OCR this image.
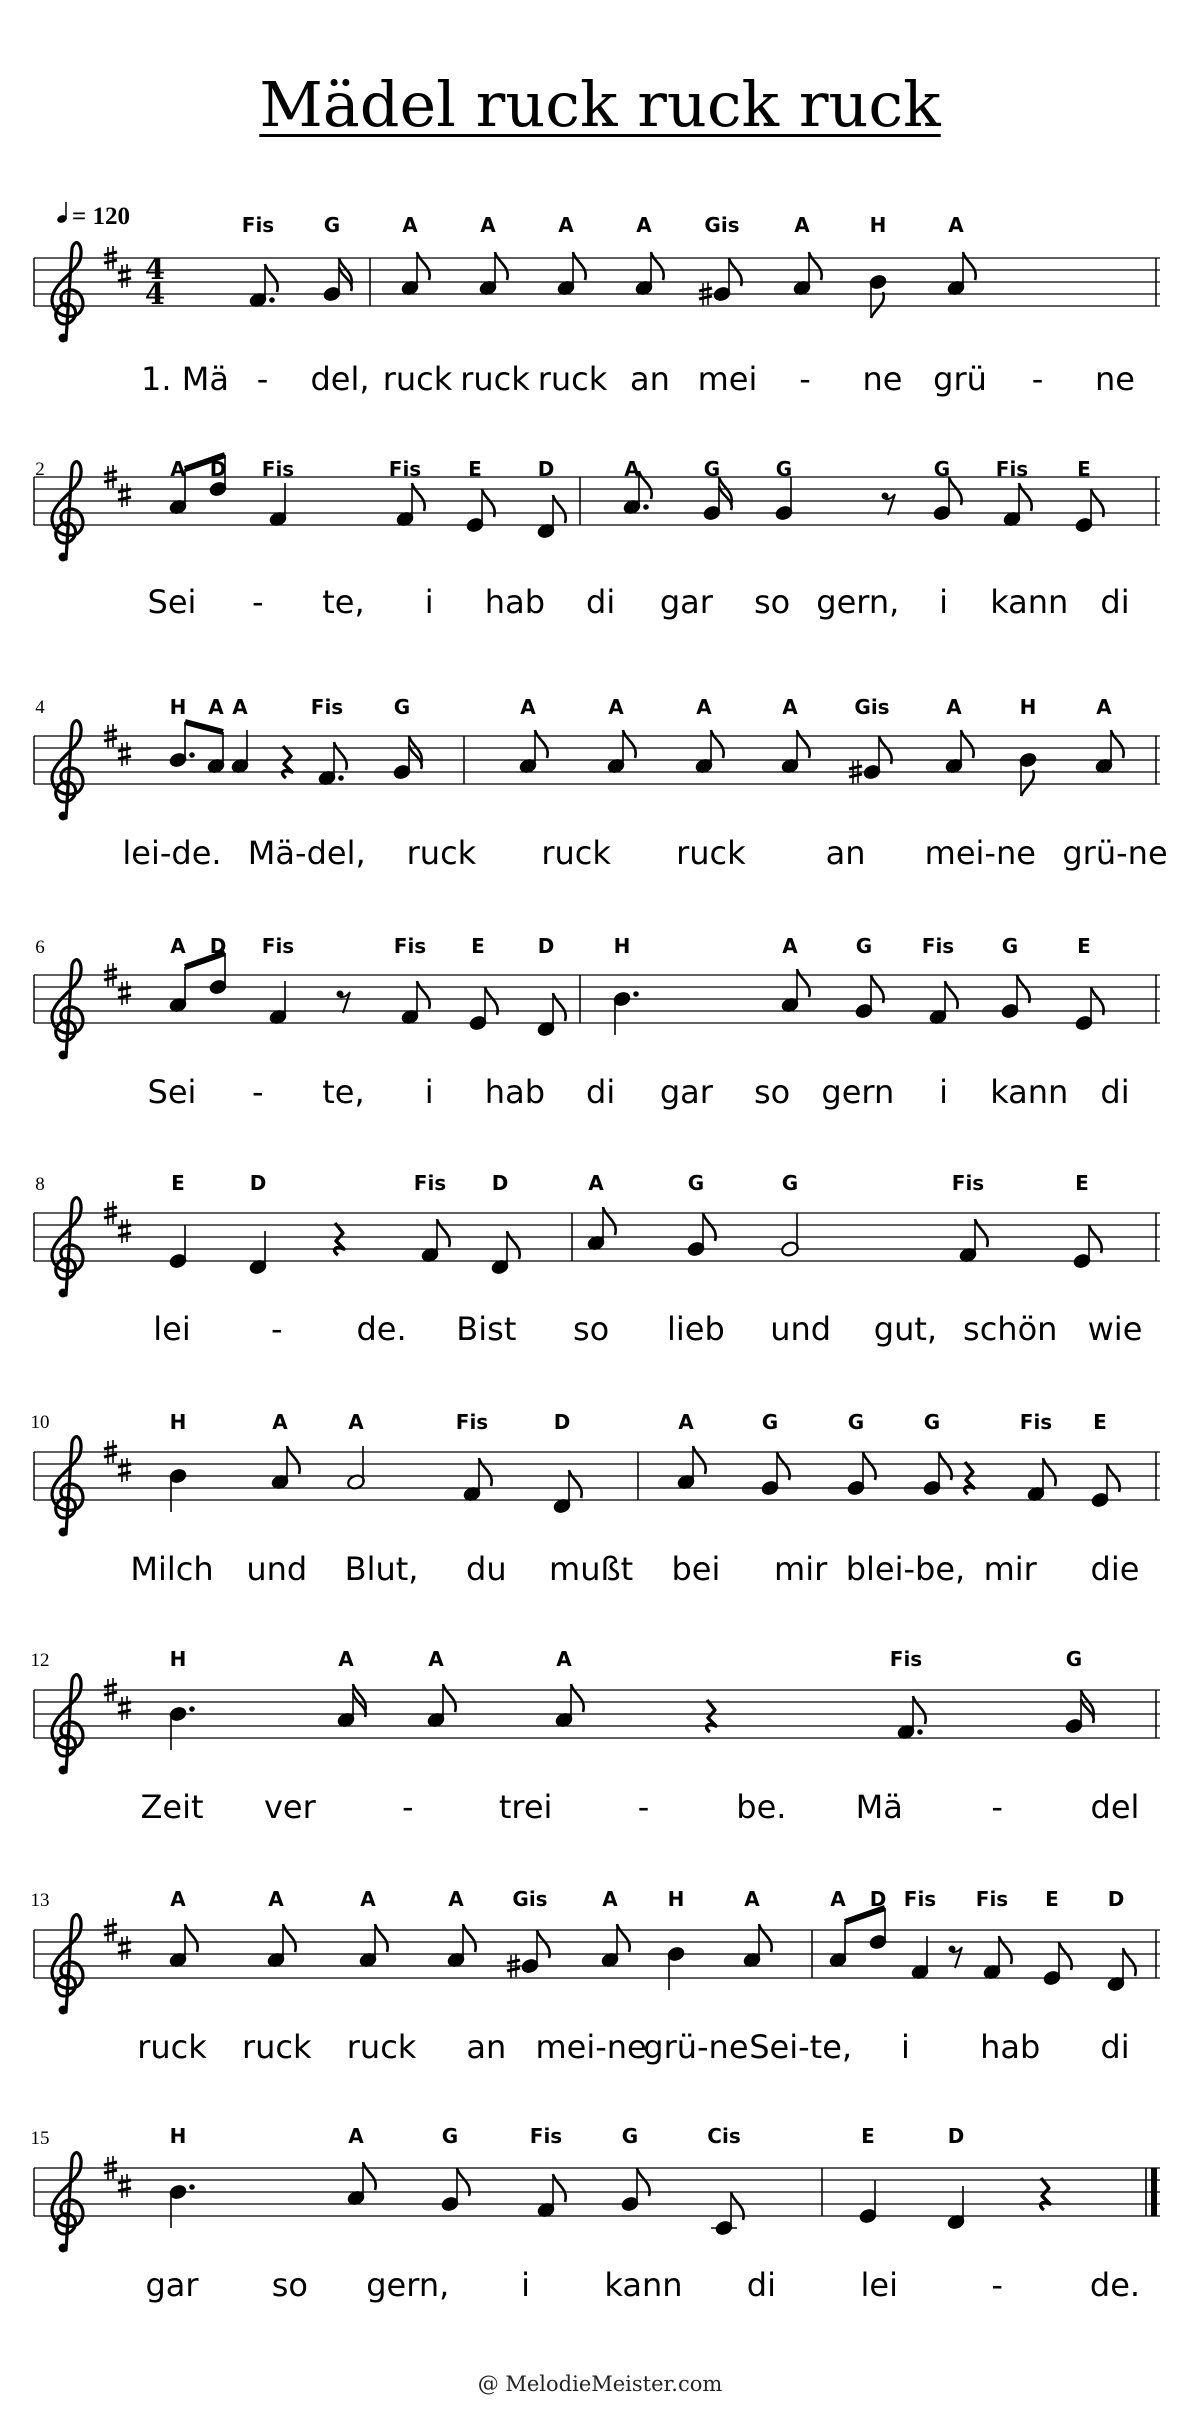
Mädel ruck ruck ruck
4
4
= 120	Fis G	A	A	A	A	Gis	A	H	A
1. Mä - del, ruck ruck ruck an mei - ne grü - ne
2	A D Fis	Fis E	D	A	G	G	G Fis E
Sei - te, i hab di gar so gern, i kann di
4	H A A	Fis	G	A	A	A	A	Gis	A	H	A
lei-de. Mä-del, ruck ruck ruck an mei-ne grü-ne
6	A D Fis	Fis E	D	H	A	G Fis G	E
Sei - te, i hab di gar so gern i kann di
8	E	D	Fis D	A	G	G	Fis	E
lei	- de. Bist so lieb und gut, schön wie
10	H	A	A	Fis	D	A	G	G	G	Fis E
Milch und Blut, du mußt bei mir blei-be, mir die
12	H	A	A	A	Fis	G
Zeit ver	-	trei	-	be. Mä	-	del
13	A	A	A	A Gis	A H	A	A D Fis Fis E D
ruck ruck ruck an mei-ne
grü-ne Sei-te, i hab di
15	H	A	G	Fis	G	Cis	E	D
gar so gern, i kann di	lei	-	de.
@ MelodieMeister.com
